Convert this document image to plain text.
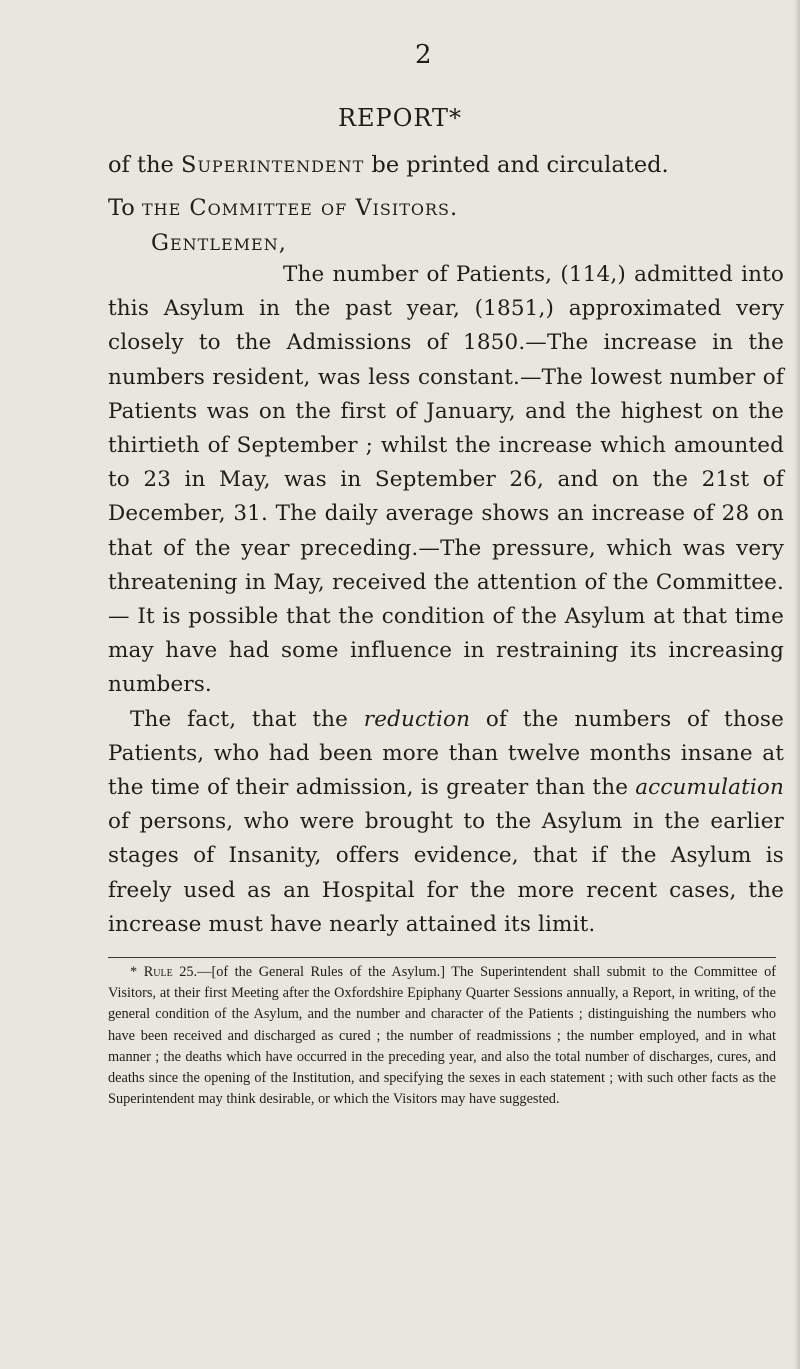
2
REPORT*
of the Superintendent be printed and circulated.
To the Committee of Visitors.
Gentlemen,

The number of Patients, (114,) admitted into this Asylum in the past year, (1851,) approximated very closely to the Admissions of 1850.—The increase in the numbers resident, was less constant.—The lowest number of Patients was on the first of January, and the highest on the thirtieth of September ; whilst the increase which amounted to 23 in May, was in September 26, and on the 21st of December, 31. The daily average shows an increase of 28 on that of the year preceding.—The pressure, which was very threatening in May, received the attention of the Committee.— It is possible that the condition of the Asylum at that time may have had some influence in restraining its increasing numbers.

The fact, that the reduction of the numbers of those Patients, who had been more than twelve months insane at the time of their admission, is greater than the accumulation of persons, who were brought to the Asylum in the earlier stages of Insanity, offers evidence, that if the Asylum is freely used as an Hospital for the more recent cases, the increase must have nearly attained its limit.

* Rule 25.—[of the General Rules of the Asylum.] The Superintendent shall submit to the Committee of Visitors, at their first Meeting after the Oxfordshire Epiphany Quarter Sessions annually, a Report, in writing, of the general condition of the Asylum, and the number and character of the Patients ; distinguishing the numbers who have been received and discharged as cured ; the number of readmissions ; the number employed, and in what manner ; the deaths which have occurred in the preceding year, and also the total number of discharges, cures, and deaths since the opening of the Institution, and specifying the sexes in each statement ; with such other facts as the Superintendent may think desirable, or which the Visitors may have suggested.
